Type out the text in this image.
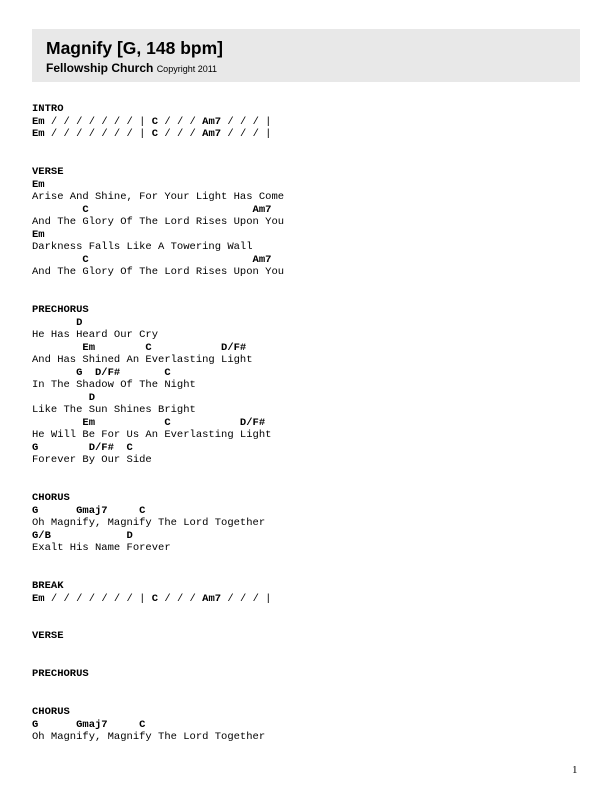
Magnify [G, 148 bpm]
Fellowship Church Copyright 2011
INTRO
Em / / / / / / / | C / / / Am7 / / / |
Em / / / / / / / | C / / / Am7 / / / |
VERSE
Em
Arise And Shine, For Your Light Has Come
C                          Am7
And The Glory Of The Lord Rises Upon You
Em
Darkness Falls Like A Towering Wall
C                          Am7
And The Glory Of The Lord Rises Upon You
PRECHORUS
D
He Has Heard Our Cry
Em        C           D/F#
And Has Shined An Everlasting Light
G  D/F#       C
In The Shadow Of The Night
D
Like The Sun Shines Bright
Em           C           D/F#
He Will Be For Us An Everlasting Light
G        D/F#  C
Forever By Our Side
CHORUS
G      Gmaj7     C
Oh Magnify, Magnify The Lord Together
G/B            D
Exalt His Name Forever
BREAK
Em / / / / / / / | C / / / Am7 / / / |
VERSE
PRECHORUS
CHORUS
G      Gmaj7     C
Oh Magnify, Magnify The Lord Together
1
